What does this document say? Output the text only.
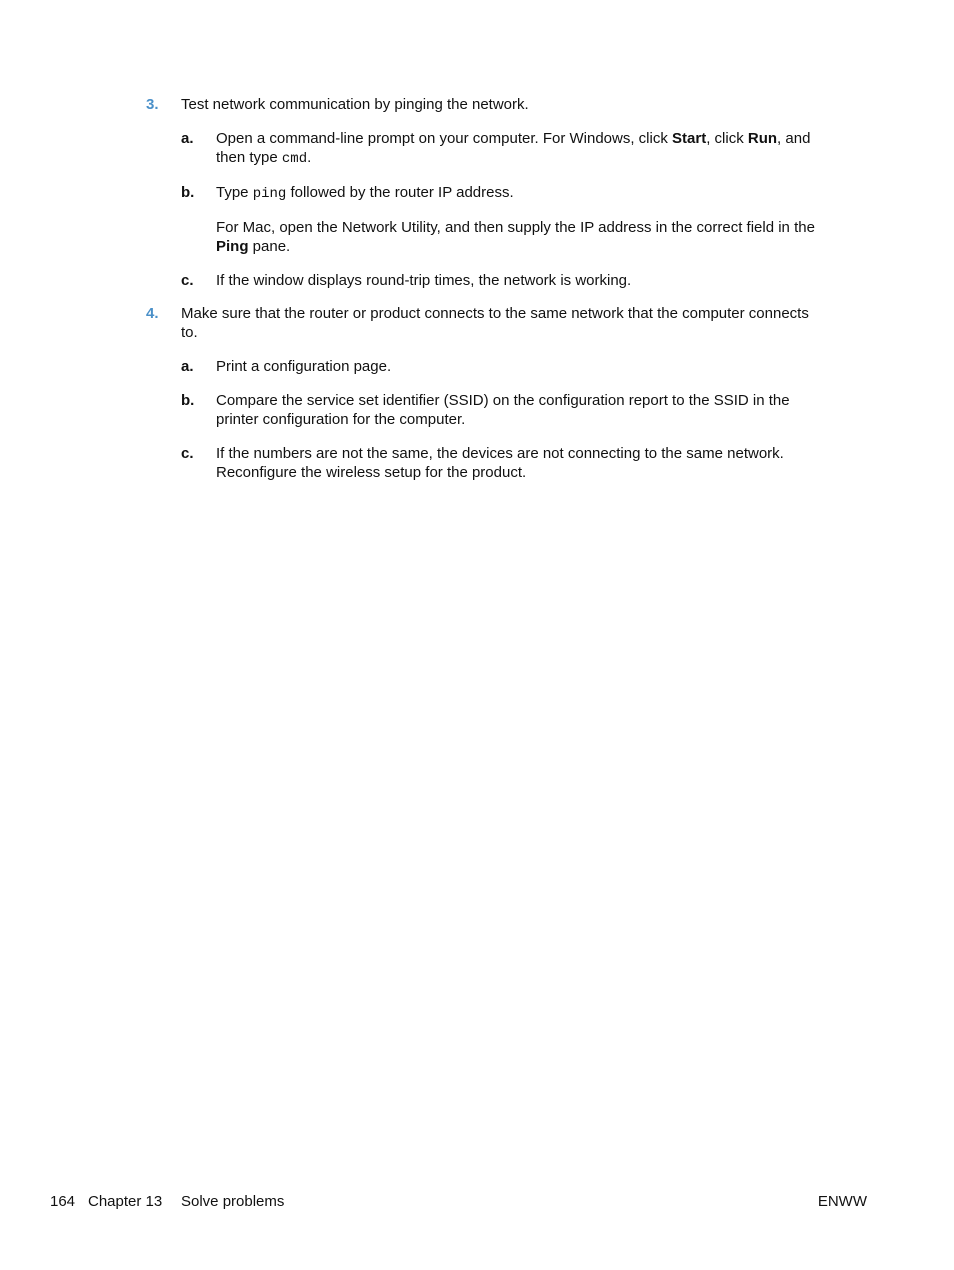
3. Test network communication by pinging the network.
a. Open a command-line prompt on your computer. For Windows, click Start, click Run, and
then type cmd.
b. Type ping followed by the router IP address.
For Mac, open the Network Utility, and then supply the IP address in the correct field in the
Ping pane.
c. If the window displays round-trip times, the network is working.
4. Make sure that the router or product connects to the same network that the computer connects
to.
a. Print a configuration page.
b. Compare the service set identifier (SSID) on the configuration report to the SSID in the
printer configuration for the computer.
c. If the numbers are not the same, the devices are not connecting to the same network.
Reconfigure the wireless setup for the product.
164 Chapter 13 Solve problems	ENWW
